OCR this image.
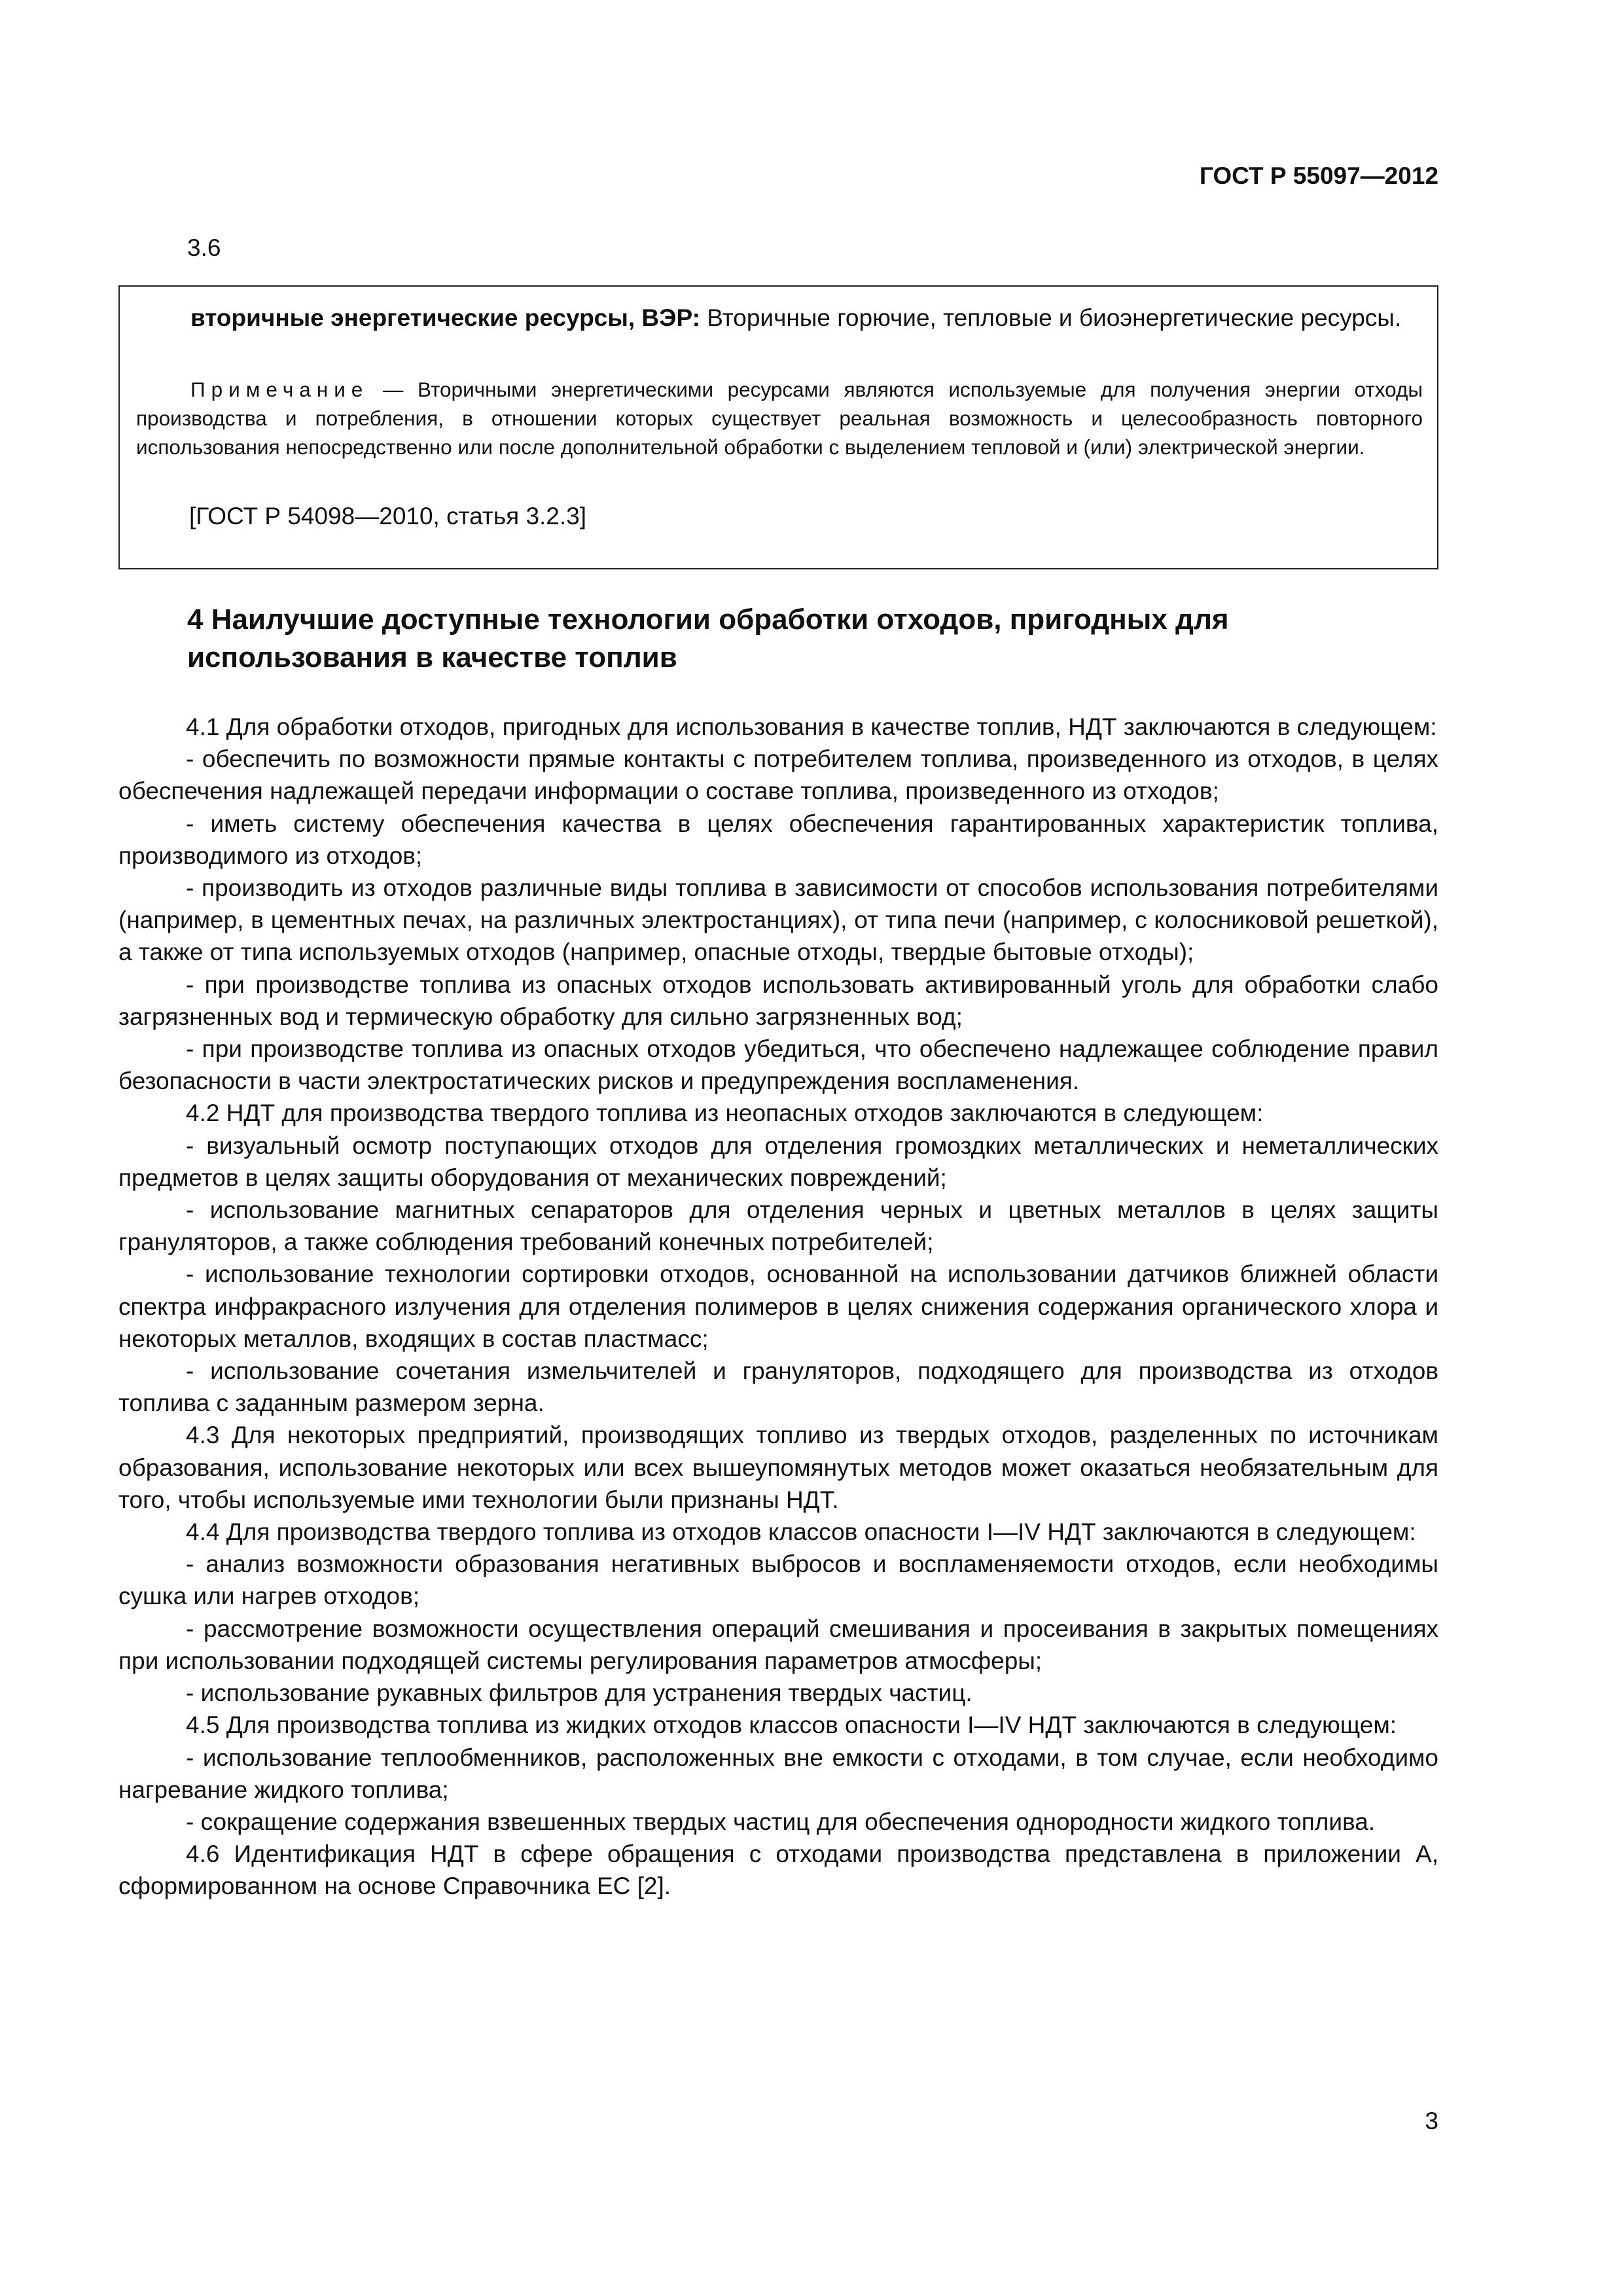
ГОСТ Р 55097—2012
3.6
вторичные энергетические ресурсы, ВЭР: Вторичные горючие, тепловые и биоэнергетические ресурсы.
Примечание — Вторичными энергетическими ресурсами являются используемые для получения энергии отходы производства и потребления, в отношении которых существует реальная возможность и целесообразность повторного использования непосредственно или после дополнительной обработки с выделением тепловой и (или) электрической энергии.
[ГОСТ Р 54098—2010, статья 3.2.3]
4 Наилучшие доступные технологии обработки отходов, пригодных для использования в качестве топлив

4.1 Для обработки отходов, пригодных для использования в качестве топлив, НДТ заключаются в следующем:

- обеспечить по возможности прямые контакты с потребителем топлива, произведенного из отходов, в целях обеспечения надлежащей передачи информации о составе топлива, произведенного из отходов;

- иметь систему обеспечения качества в целях обеспечения гарантированных характеристик топлива, производимого из отходов;

- производить из отходов различные виды топлива в зависимости от способов использования потребителями (например, в цементных печах, на различных электростанциях), от типа печи (например, с колосниковой решеткой), а также от типа используемых отходов (например, опасные отходы, твердые бытовые отходы);

- при производстве топлива из опасных отходов использовать активированный уголь для обработки слабо загрязненных вод и термическую обработку для сильно загрязненных вод;

- при производстве топлива из опасных отходов убедиться, что обеспечено надлежащее соблюдение правил безопасности в части электростатических рисков и предупреждения воспламенения.

4.2 НДТ для производства твердого топлива из неопасных отходов заключаются в следующем:

- визуальный осмотр поступающих отходов для отделения громоздких металлических и неметаллических предметов в целях защиты оборудования от механических повреждений;

- использование магнитных сепараторов для отделения черных и цветных металлов в целях защиты грануляторов, а также соблюдения требований конечных потребителей;

- использование технологии сортировки отходов, основанной на использовании датчиков ближней области спектра инфракрасного излучения для отделения полимеров в целях снижения содержания органического хлора и некоторых металлов, входящих в состав пластмасс;

- использование сочетания измельчителей и грануляторов, подходящего для производства из отходов топлива с заданным размером зерна.

4.3 Для некоторых предприятий, производящих топливо из твердых отходов, разделенных по источникам образования, использование некоторых или всех вышеупомянутых методов может оказаться необязательным для того, чтобы используемые ими технологии были признаны НДТ.

4.4 Для производства твердого топлива из отходов классов опасности I—IV НДТ заключаются в следующем:

- анализ возможности образования негативных выбросов и воспламеняемости отходов, если необходимы сушка или нагрев отходов;

- рассмотрение возможности осуществления операций смешивания и просеивания в закрытых помещениях при использовании подходящей системы регулирования параметров атмосферы;

- использование рукавных фильтров для устранения твердых частиц.

4.5 Для производства топлива из жидких отходов классов опасности I—IV НДТ заключаются в следующем:

- использование теплообменников, расположенных вне емкости с отходами, в том случае, если необходимо нагревание жидкого топлива;

- сокращение содержания взвешенных твердых частиц для обеспечения однородности жидкого топлива.

4.6 Идентификация НДТ в сфере обращения с отходами производства представлена в приложении А, сформированном на основе Справочника ЕС [2].

3
